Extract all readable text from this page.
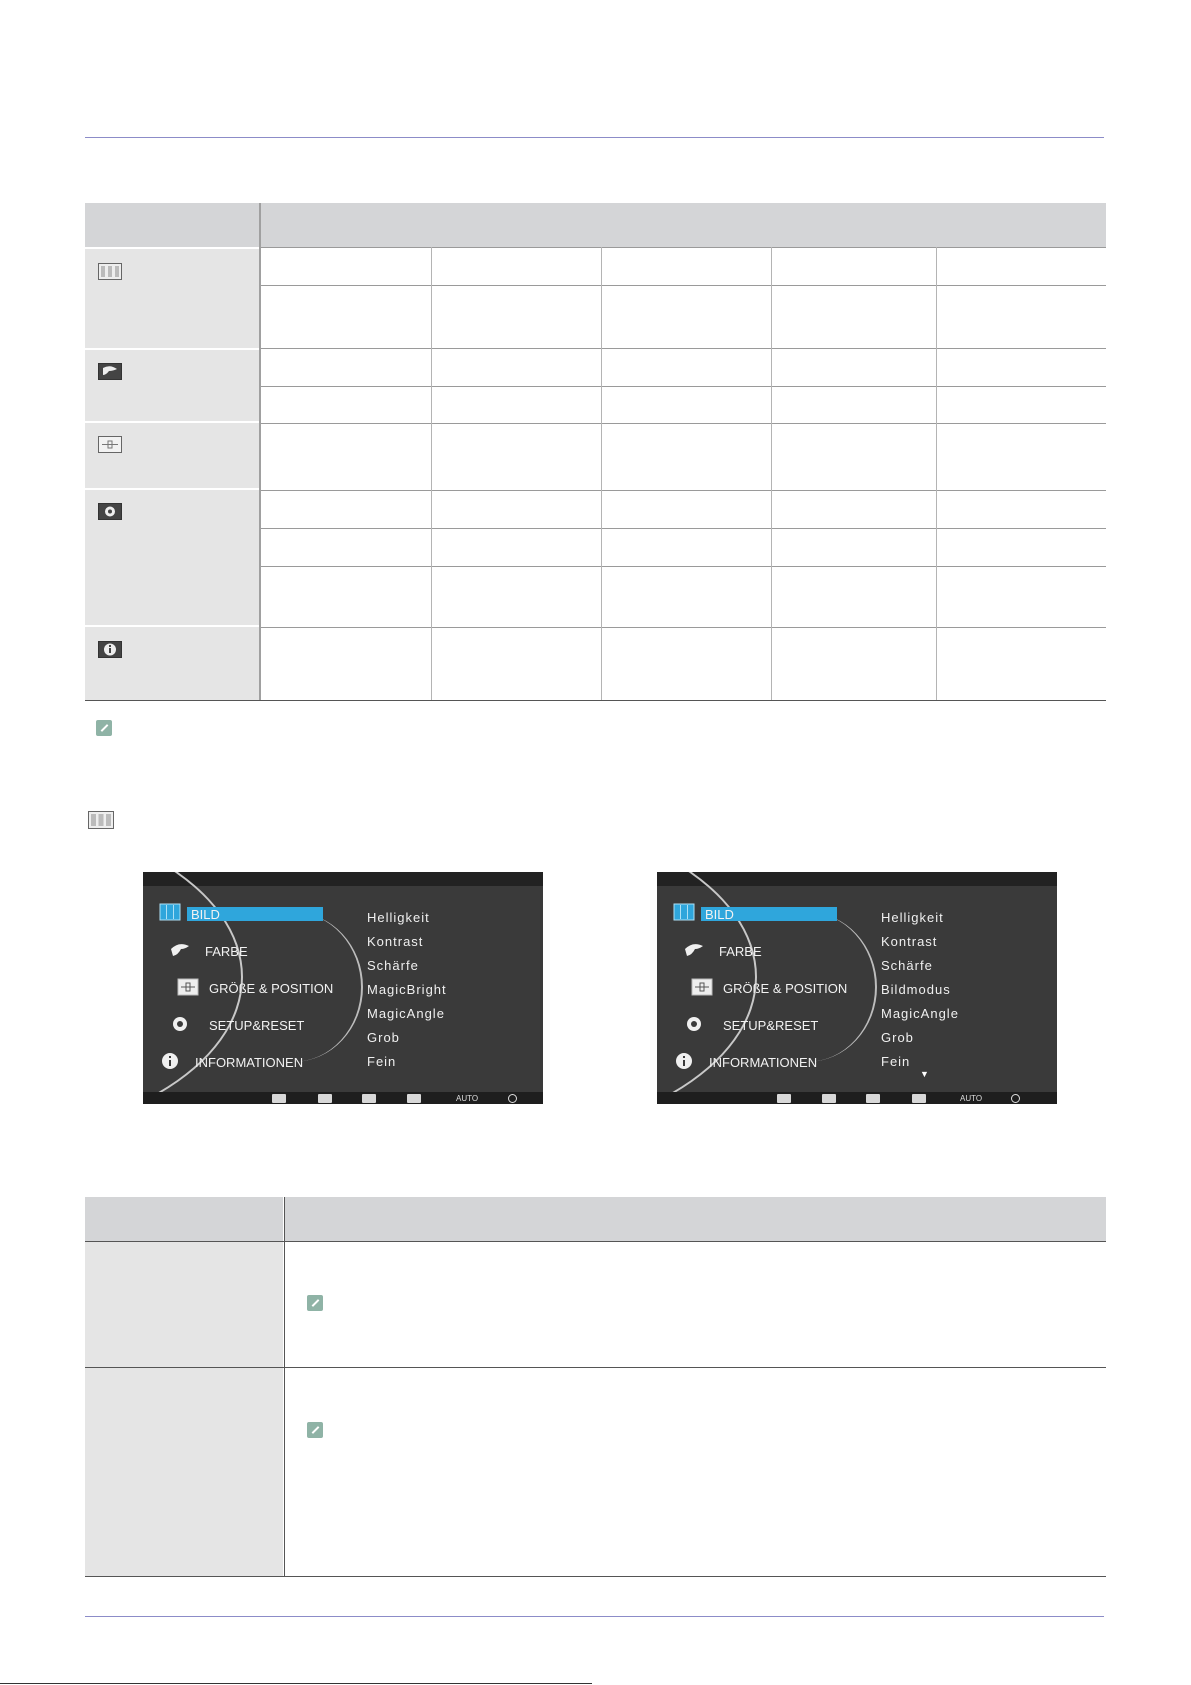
BILD
FARBE
GRÖßE & POSITION
SETUP&RESET
INFORMATIONEN
Helligkeit
Kontrast
Schärfe
MagicBright
MagicAngle
Grob
Fein
AUTO
BILD
FARBE
GRÖßE & POSITION
SETUP&RESET
INFORMATIONEN
Helligkeit
Kontrast
Schärfe
Bildmodus
MagicAngle
Grob
Fein
▼
AUTO
